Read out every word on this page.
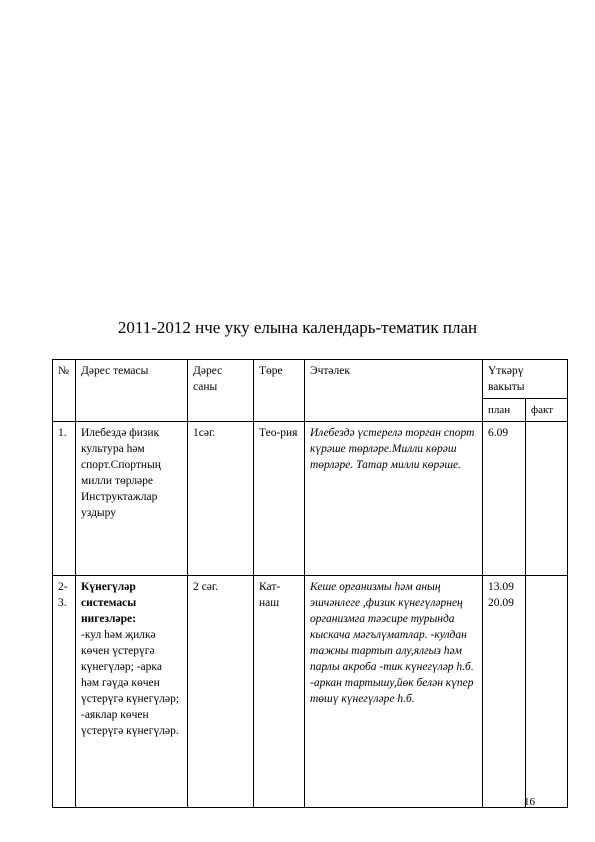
2011-2012 нче уку елына календарь-тематик план
№	Дәрес темасы	Дәрес саны	Төре	Эчтәлек	Үткәрү вакыты	
					план	факт
1.	Илебездә физик культура һәм спорт.Спортның милли төрләре Инструктажлар уздыру	1сәг.	Тео-рия	Илебездә үстерелә торган спорт күрәше төрләре.Милли көрәш төрләре. Татар милли көрәше.	6.09	
2-3.	Күнегүләр системасы нигезләре:
-кул һәм җилкә көчен үстерүгә күнегүләр; -арка һәм гәүдә көчен үстерүгә күнегүләр; -аяклар көчен үстерүгә күнегүләр.	2 сәг.	Кат-наш	Кеше организмы һәм аның эшчәнлеге ,физик күнегүләрнең организмга тәэсире турында кыскача мәгълүматлар. -кулдан тажны тартып алу,ялгыз һәм парлы акроба -тик күнегүләр һ.б. -аркан тартышу,йөк белән күпер төшү күнегүләре һ.б.	13.09 20.09	
16
